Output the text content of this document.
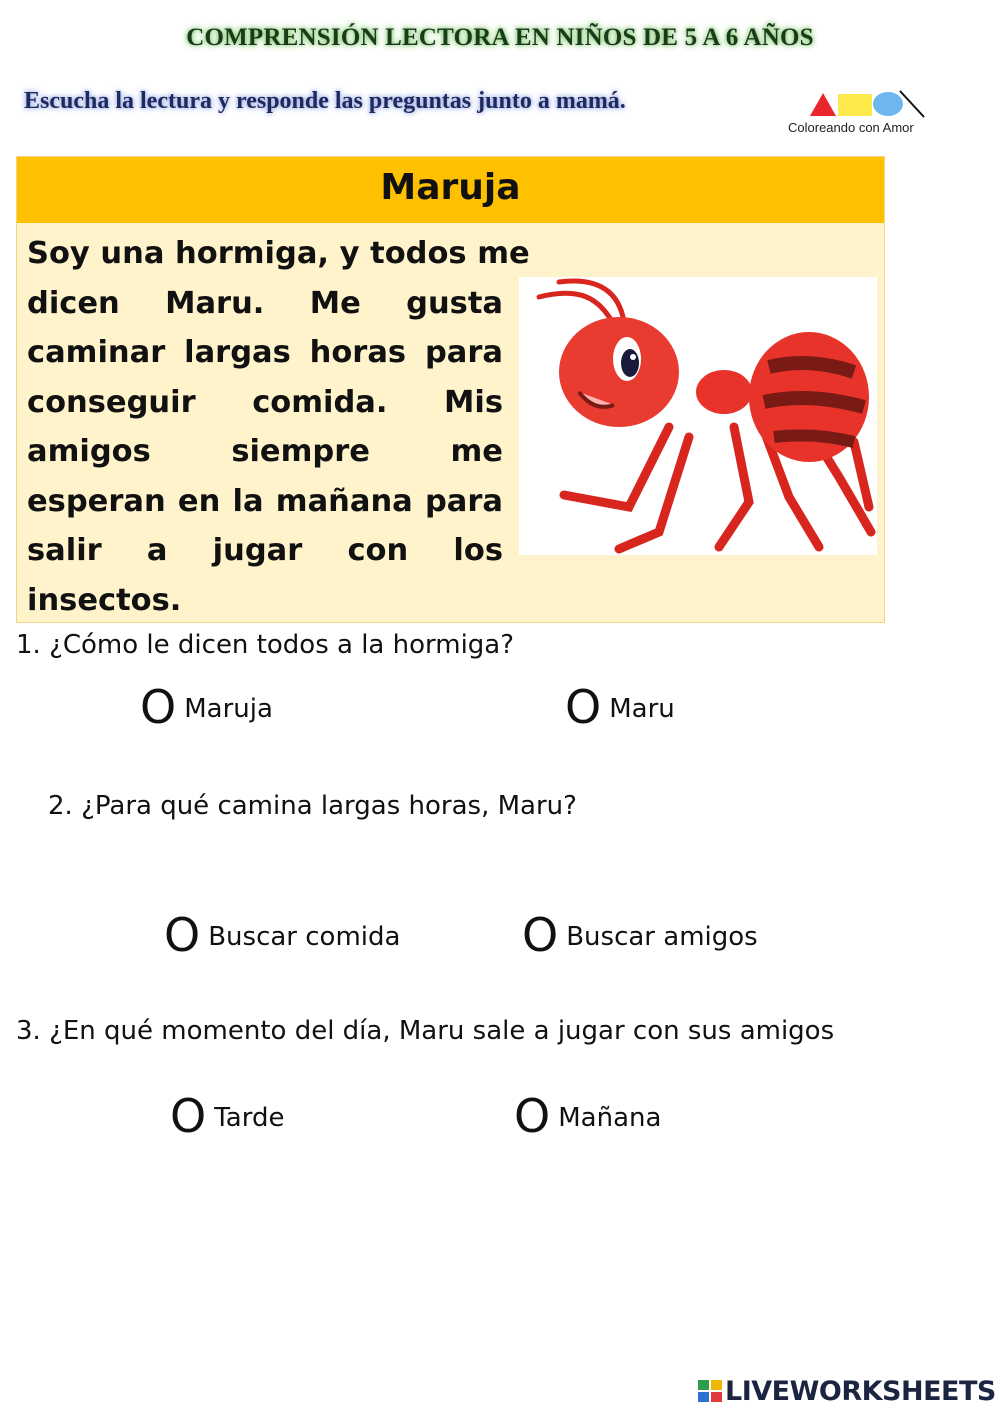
COMPRENSIÓN LECTORA EN NIÑOS DE 5 A 6 AÑOS
Escucha la lectura y responde las preguntas junto a mamá.
Coloreando con Amor
Maruja
Soy una hormiga, y todos me
dicen Maru. Me gusta caminar largas horas para conseguir comida. Mis amigos siempre me esperan en la mañana para salir a jugar con los insectos.
1. ¿Cómo le dicen todos a la hormiga?
O Maruja	O Maru
2. ¿Para qué camina largas horas, Maru?
O Buscar comida	O Buscar amigos
3. ¿En qué momento del día, Maru sale a jugar con sus amigos
O Tarde	O Mañana
LIVEWORKSHEETS
